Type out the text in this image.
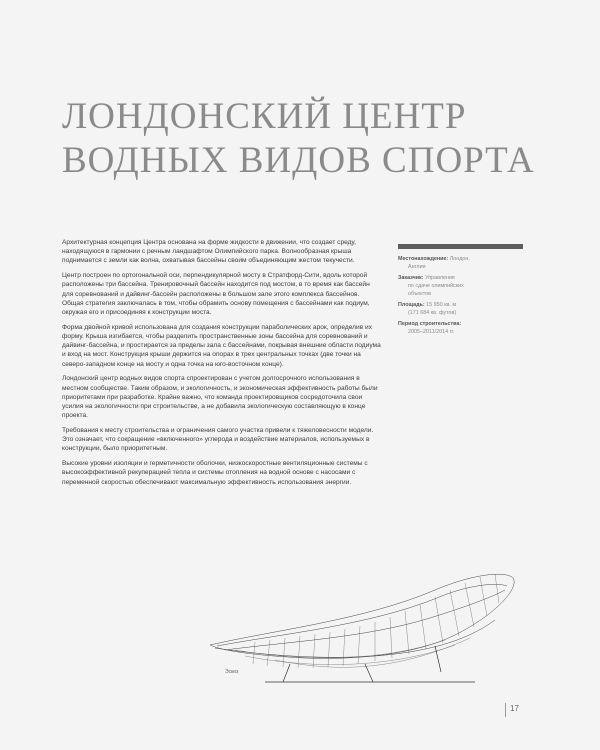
ЛОНДОНСКИЙ ЦЕНТР
ВОДНЫХ ВИДОВ СПОРТА

Архитектурная концепция Центра основана на форме жидкости в движении, что создает среду, находящуюся в гармонии с речным ландшафтом Олимпийского парка. Волнообразная крыша поднимается с земли как волна, охватывая бассейны своим объединяющим жестом текучести.

Центр построен по ортогональной оси, перпендикулярной мосту в Стратфорд-Сити, вдоль которой расположены три бассейна. Тренировочный бассейн находится под мостом, в то время как бассейн для соревнований и дайвинг-бассейн расположены в большом зале этого комплекса бассейнов. Общая стратегия заключалась в том, чтобы обрамить основу помещения с бассейнами как подиум, окружая его и присоединяя к конструкции моста.

Форма двойной кривой использована для создания конструкции параболических арок, определив их форму. Крыша изгибается, чтобы разделить пространственные зоны бассейна для соревнований и дайвинг-бассейна, и простирается за пределы зала с бассейнами, покрывая внешние области подиума и вход на мост. Конструкция крыши держится на опорах в трех центральных точках (две точки на северо-западном конце на мосту и одна точка на юго-восточном конце).

Лондонский центр водных видов спорта спроектирован с учетом долгосрочного использования в местном сообществе. Таким образом, и экологичность, и экономическая эффективность работы были приоритетами при разработке. Крайне важно, что команда проектировщиков сосредоточила свои усилия на экологичности при строительстве, а не добавила экологическую составляющую в конце проекта.

Требования к месту строительства и ограничения самого участка привели к тяжеловесности модели. Это означает, что сокращение «включенного» углерода и воздействие материалов, используемых в конструкции, было приоритетным.

Высокие уровни изоляции и герметичности оболочки, низкоскоростные вентиляционные системы с высокоэффективной рекуперацией тепла и системы отопления на водной основе с насосами с переменной скоростью обеспечивают максимальную эффективность использования энергии.

Местонахождение: Лондон,
Англия
Заказчик: Управление
по сдаче олимпийских
объектов
Площадь: 15 950 кв. м
(171 684 кв. футов)
Период строительства:
2005–2011/2014 гг.
Эскиз
17
